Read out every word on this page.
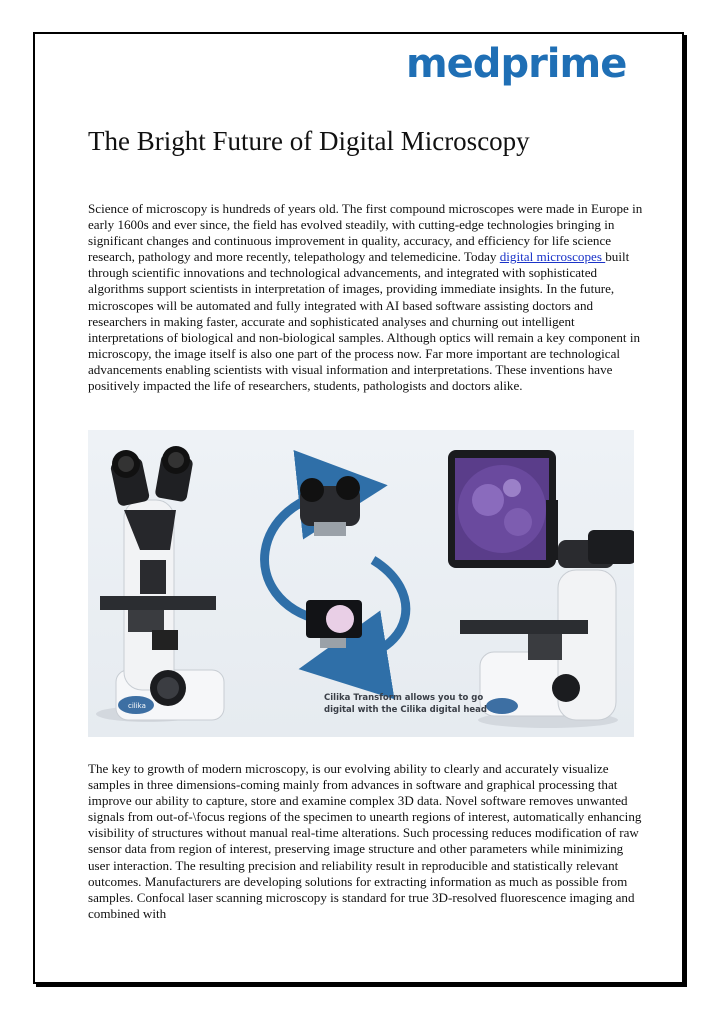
medprime
The Bright Future of Digital Microscopy

Science of microscopy is hundreds of years old. The first compound microscopes were made in Europe in early 1600s and ever since, the field has evolved steadily, with cutting-edge technologies bringing in significant changes and continuous improvement in quality, accuracy, and efficiency for life science research, pathology and more recently, telepathology and telemedicine. Today digital microscopes built through scientific innovations and technological advancements, and integrated with sophisticated algorithms support scientists in interpretation of images, providing immediate insights. In the future, microscopes will be automated and fully integrated with AI based software assisting doctors and researchers in making faster, accurate and sophisticated analyses and churning out intelligent interpretations of biological and non-biological samples. Although optics will remain a key component in microscopy, the image itself is also one part of the process now. Far more important are technological advancements enabling scientists with visual information and interpretations. These inventions have positively impacted the life of researchers, students, pathologists and doctors alike.

cilika
Cilika Transform allows you to go digital with the Cilika digital head

The key to growth of modern microscopy, is our evolving ability to clearly and accurately visualize samples in three dimensions-coming mainly from advances in software and graphical processing that improve our ability to capture, store and examine complex 3D data. Novel software removes unwanted signals from out-of-\focus regions of the specimen to unearth regions of interest, automatically enhancing visibility of structures without manual real-time alterations. Such processing reduces modification of raw sensor data from region of interest, preserving image structure and other parameters while minimizing user interaction. The resulting precision and reliability result in reproducible and statistically relevant outcomes. Manufacturers are developing solutions for extracting information as much as possible from samples. Confocal laser scanning microscopy is standard for true 3D-resolved fluorescence imaging and combined with
